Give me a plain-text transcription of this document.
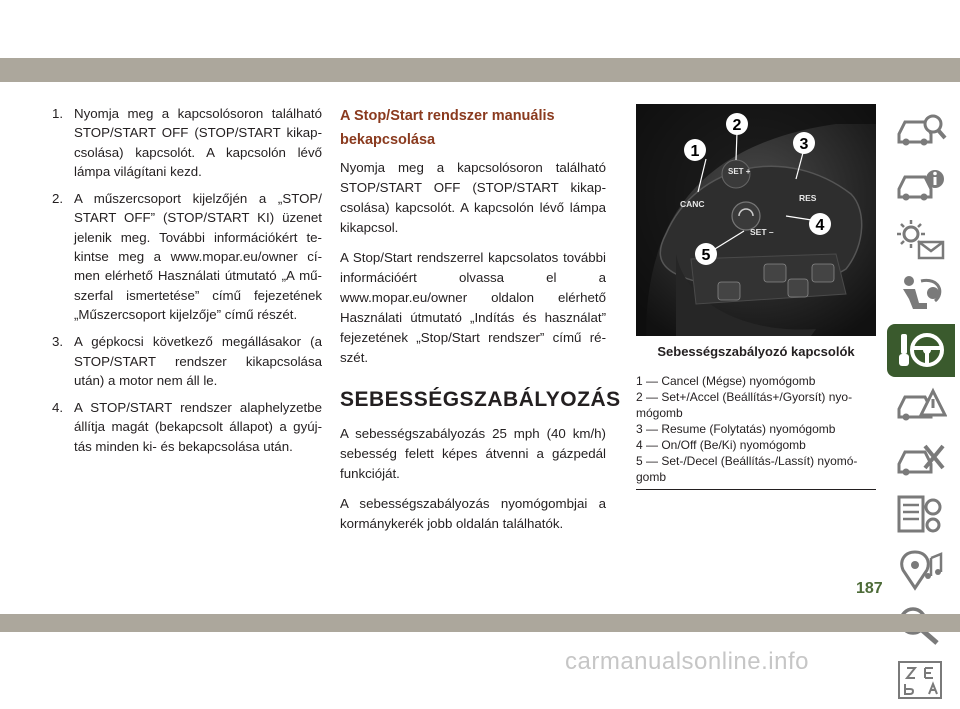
1. Nyomja meg a kapcsolósoron található STOP/START OFF (STOP/START kikap- csolása) kapcsolót. A kapcsolón lévő lámpa világítani kezd.
2. A műszercsoport kijelzőjén a „STOP/ START OFF” (STOP/START KI) üzenet jelenik meg. További információkért te- kintse meg a www.mopar.eu/owner cí- men elérhető Használati útmutató „A mű- szerfal ismertetése” című fejezetének „Műszercsoport kijelzője” című részét.
3. A gépkocsi következő megállásakor (a STOP/START rendszer kikapcsolása után) a motor nem áll le.
4. A STOP/START rendszer alaphelyzetbe állítja magát (bekapcsolt állapot) a gyúj- tás minden ki- és bekapcsolása után.
A Stop/Start rendszer manuális bekapcsolása

Nyomja meg a kapcsolósoron található STOP/START OFF (STOP/START kikap- csolása) kapcsolót. A kapcsolón lévő lámpa kikapcsol.

A Stop/Start rendszerrel kapcsolatos további információért olvassa el a www.mopar.eu/owner oldalon elérhető Használati útmutató „Indítás és használat” fejezetének „Stop/Start rendszer” című ré- szét.

SEBESSÉGSZABÁLYOZÁS

A sebességszabályozás 25 mph (40 km/h) sebesség felett képes átvenni a gázpedál funkcióját.

A sebességszabályozás nyomógombjai a kormánykerék jobb oldalán találhatók.

CANC
SET +
RES
SET –
1
2
3
4
5
Sebességszabályozó kapcsolók
1 — Cancel (Mégse) nyomógomb
2 — Set+/Accel (Beállítás+/Gyorsít) nyo- mógomb
3 — Resume (Folytatás) nyomógomb
4 — On/Off (Be/Ki) nyomógomb
5 — Set-/Decel (Beállítás-/Lassít) nyomó- gomb
187
carmanualsonline.info
